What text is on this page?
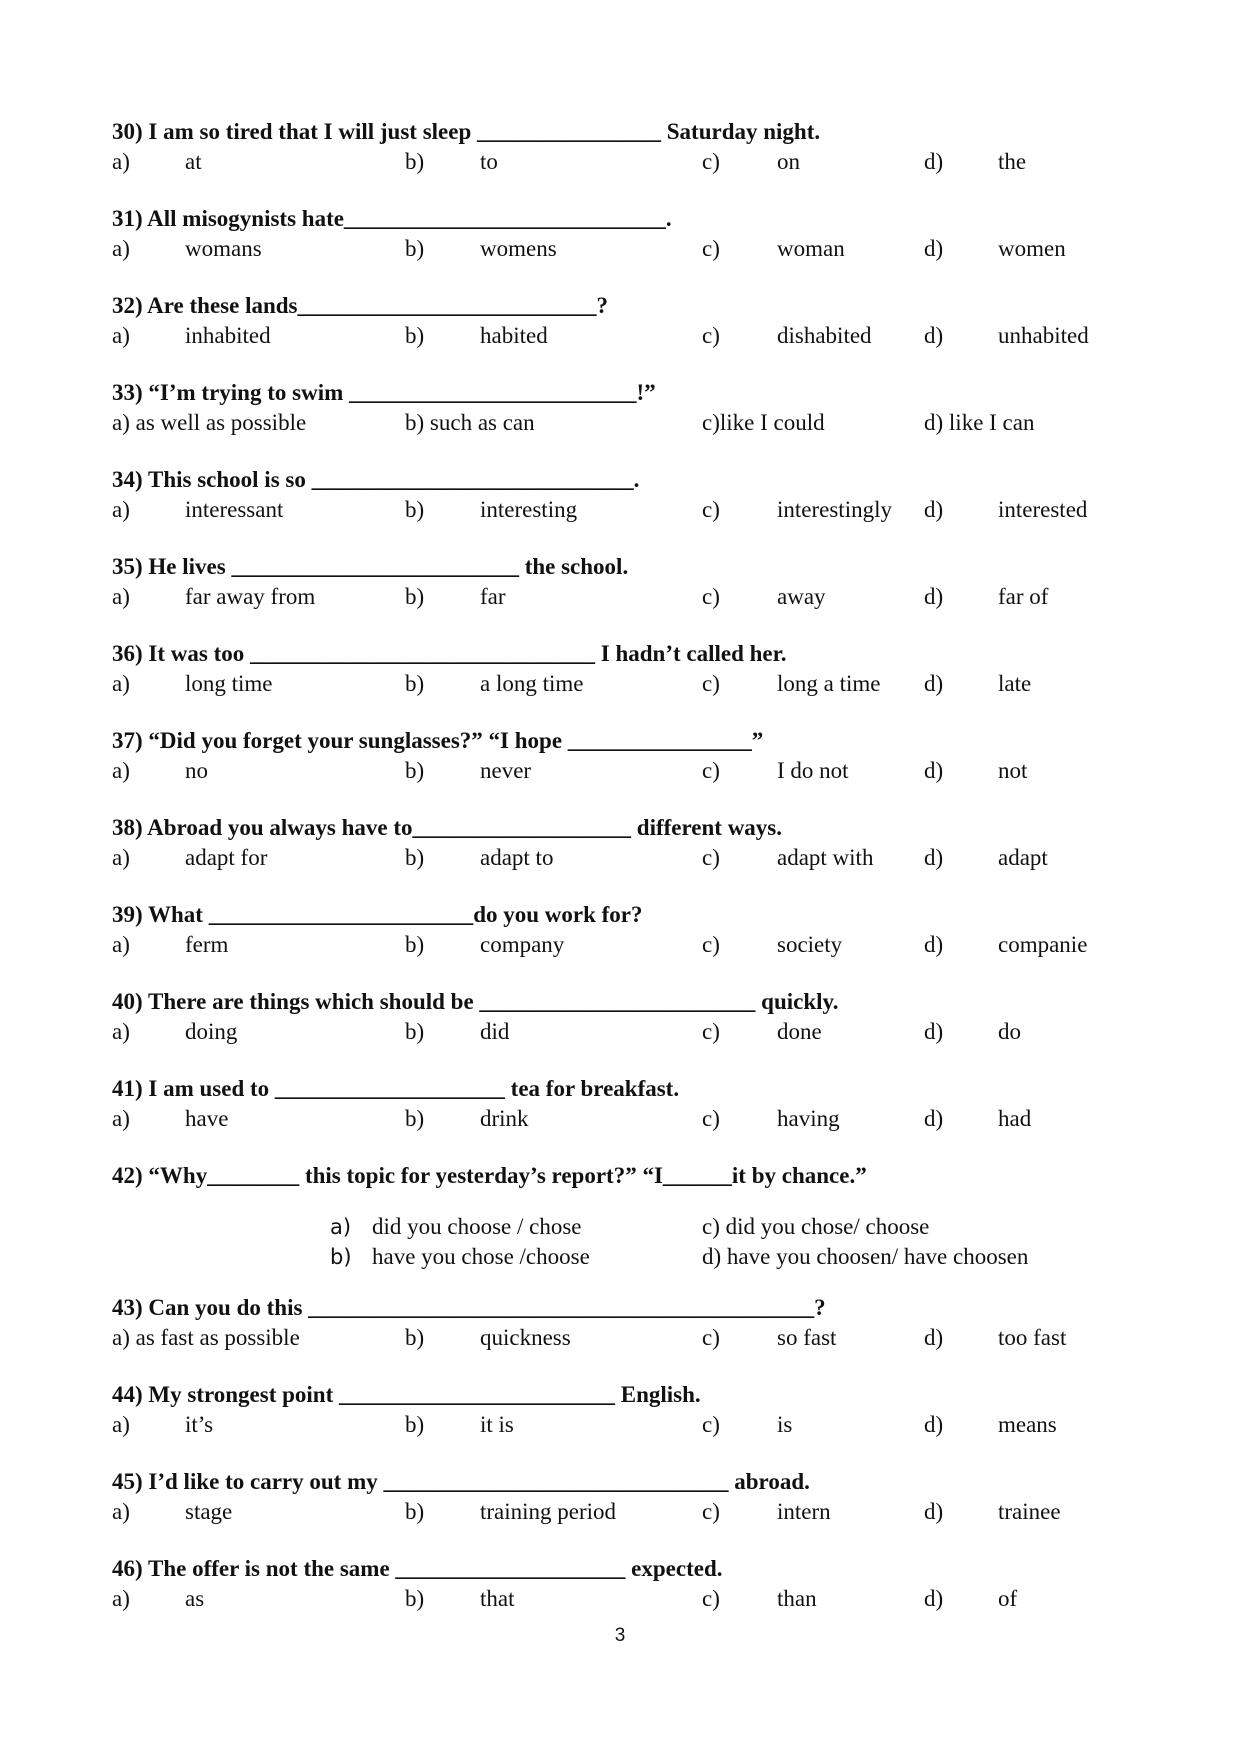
30) I am so tired that I will just sleep ________________ Saturday night.
a) at	b) to	c) on	d) the
31) All misogynists hate____________________________.
a) womans	b) womens	c) woman	d) women
32) Are these lands__________________________?
a) inhabited	b) habited	c) dishabited d) unhabited
33) “I’m trying to swim _________________________!”
a) as well as possible	b) such as can	c)like I could	d) like I can
34) This school is so ____________________________.
a) interessant	b) interesting	c) interestingly d) interested
35) He lives _________________________ the school.
a) far away from	b) far	c) away	d) far of
36) It was too ______________________________ I hadn’t called her.
a) long time	b) a long time	c) long a time d) late
37) “Did you forget your sunglasses?” “I hope ________________”
a) no	b) never	c) I do not	d) not
38) Abroad you always have to___________________ different ways.
a) adapt for	b) adapt to	c) adapt with d) adapt
39) What _______________________do you work for?
a) ferm	b) company	c) society	d) companie
40) There are things which should be ________________________ quickly.
a) doing	b) did	c) done	d) do
41) I am used to ____________________ tea for breakfast.
a) have	b) drink	c) having	d) had
42) “Why________ this topic for yesterday’s report?” “I______it by chance.”
a) did you choose / chose	c) did you chose/ choose
b) have you chose /choose	d) have you choosen/ have choosen
43) Can you do this ____________________________________________?
a) as fast as possible	b) quickness	c) so fast	d) too fast
44) My strongest point ________________________ English.
a) it’s	b) it is	c) is	d) means
45) I’d like to carry out my ______________________________ abroad.
a) stage	b) training period	c) intern	d) trainee
46) The offer is not the same ____________________ expected.
a) as	b) that	c) than	d) of
3
